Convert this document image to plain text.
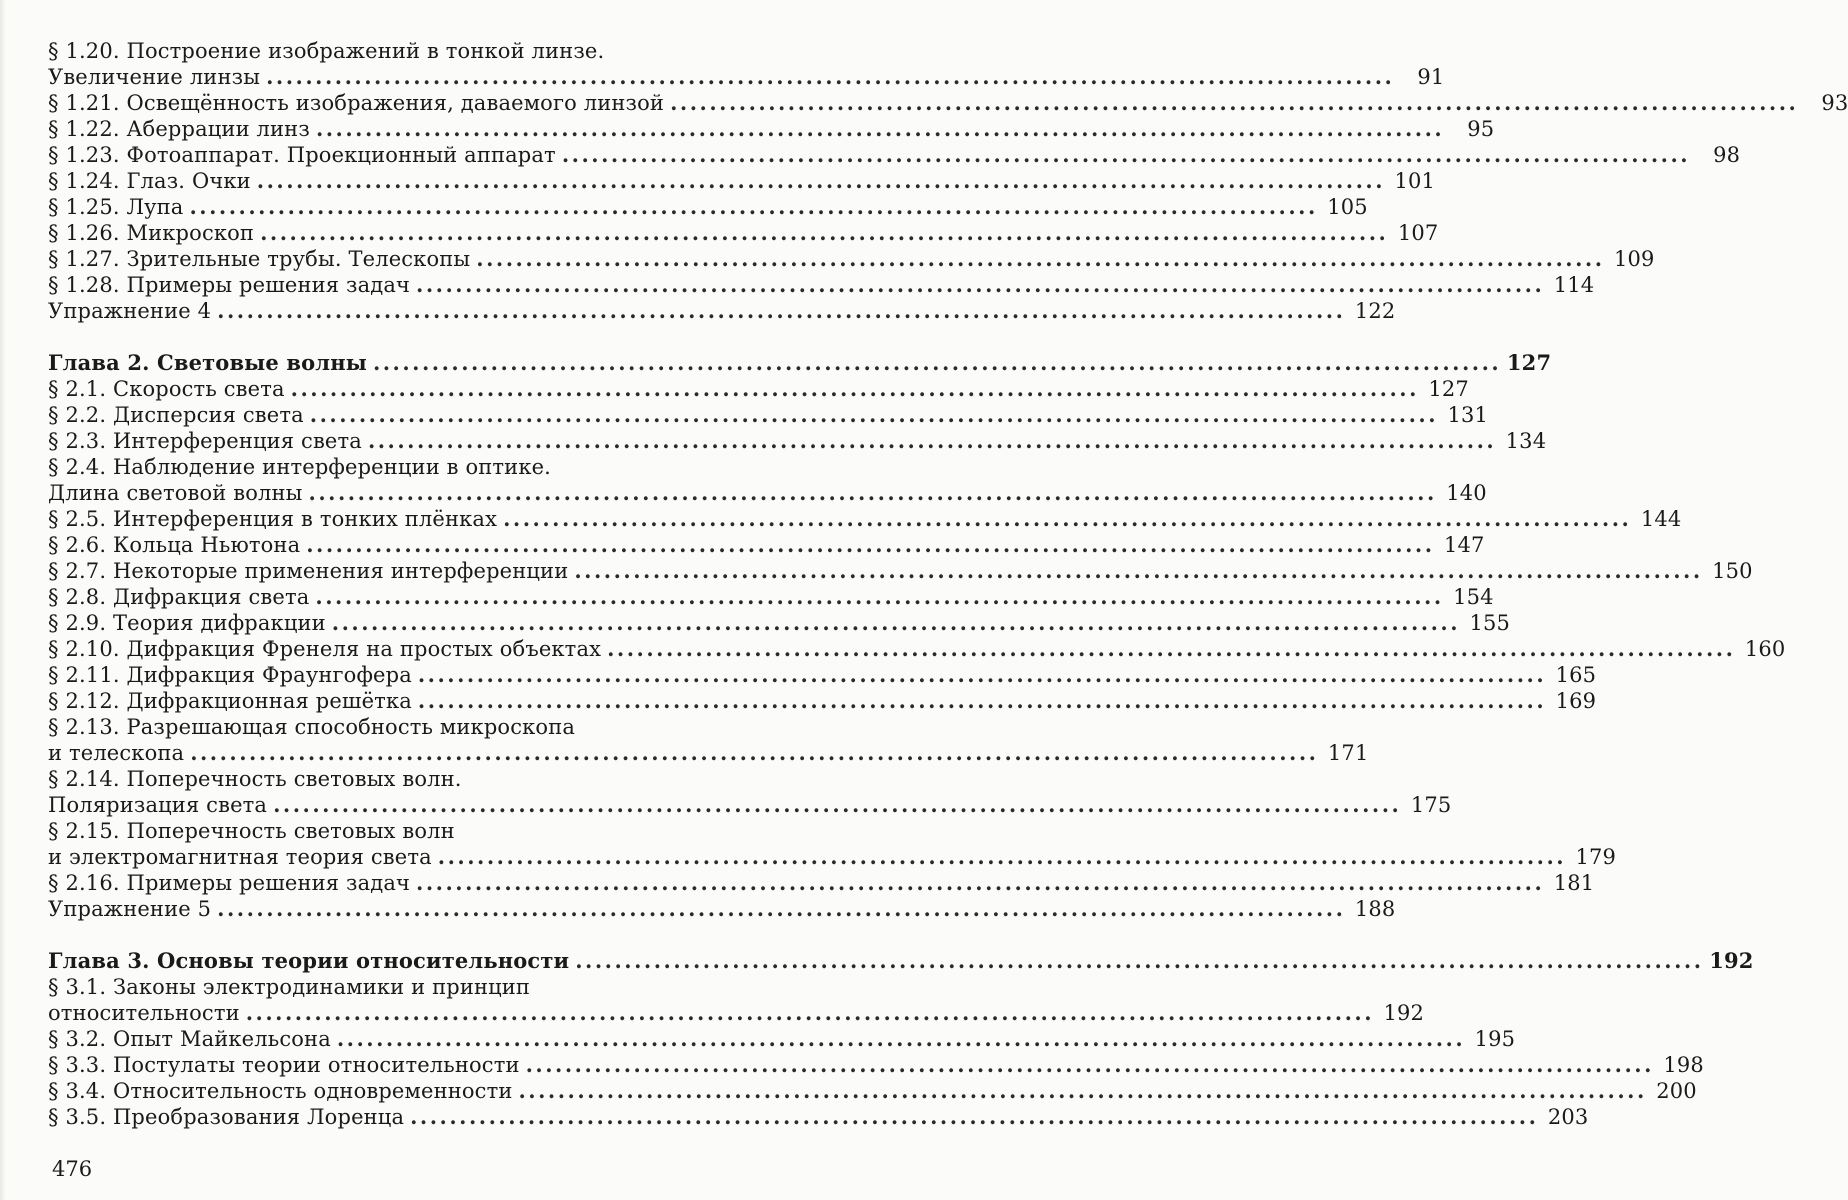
§ 1.20. Построение изображений в тонкой линзе.
Увеличение линзы ...................................................................................................................	91
§ 1.21. Освещённость изображения, даваемого линзой ...................................................................................................................	93
§ 1.22. Аберрации линз ...................................................................................................................	95
§ 1.23. Фотоаппарат. Проекционный аппарат ...................................................................................................................	98
§ 1.24. Глаз. Очки ................................................................................................................... 101
§ 1.25. Лупа ................................................................................................................... 105
§ 1.26. Микроскоп ................................................................................................................... 107
§ 1.27. Зрительные трубы. Телескопы ................................................................................................................... 109
§ 1.28. Примеры решения задач ................................................................................................................... 114
Упражнение 4 ................................................................................................................... 122
Глава 2. Световые волны ................................................................................................................... 127
§ 2.1. Скорость света ................................................................................................................... 127
§ 2.2. Дисперсия света ................................................................................................................... 131
§ 2.3. Интерференция света ................................................................................................................... 134
§ 2.4. Наблюдение интерференции в оптике.
Длина световой волны ................................................................................................................... 140
§ 2.5. Интерференция в тонких плёнках ................................................................................................................... 144
§ 2.6. Кольца Ньютона ................................................................................................................... 147
§ 2.7. Некоторые применения интерференции ................................................................................................................... 150
§ 2.8. Дифракция света ................................................................................................................... 154
§ 2.9. Теория дифракции ................................................................................................................... 155
§ 2.10. Дифракция Френеля на простых объектах ................................................................................................................... 160
§ 2.11. Дифракция Фраунгофера ................................................................................................................... 165
§ 2.12. Дифракционная решётка ................................................................................................................... 169
§ 2.13. Разрешающая способность микроскопа
и телескопа ................................................................................................................... 171
§ 2.14. Поперечность световых волн.
Поляризация света ................................................................................................................... 175
§ 2.15. Поперечность световых волн
и электромагнитная теория света ................................................................................................................... 179
§ 2.16. Примеры решения задач ................................................................................................................... 181
Упражнение 5 ................................................................................................................... 188
Глава 3. Основы теории относительности ................................................................................................................... 192
§ 3.1. Законы электродинамики и принцип
относительности ................................................................................................................... 192
§ 3.2. Опыт Майкельсона ................................................................................................................... 195
§ 3.3. Постулаты теории относительности ................................................................................................................... 198
§ 3.4. Относительность одновременности ................................................................................................................... 200
§ 3.5. Преобразования Лоренца ................................................................................................................... 203
476
